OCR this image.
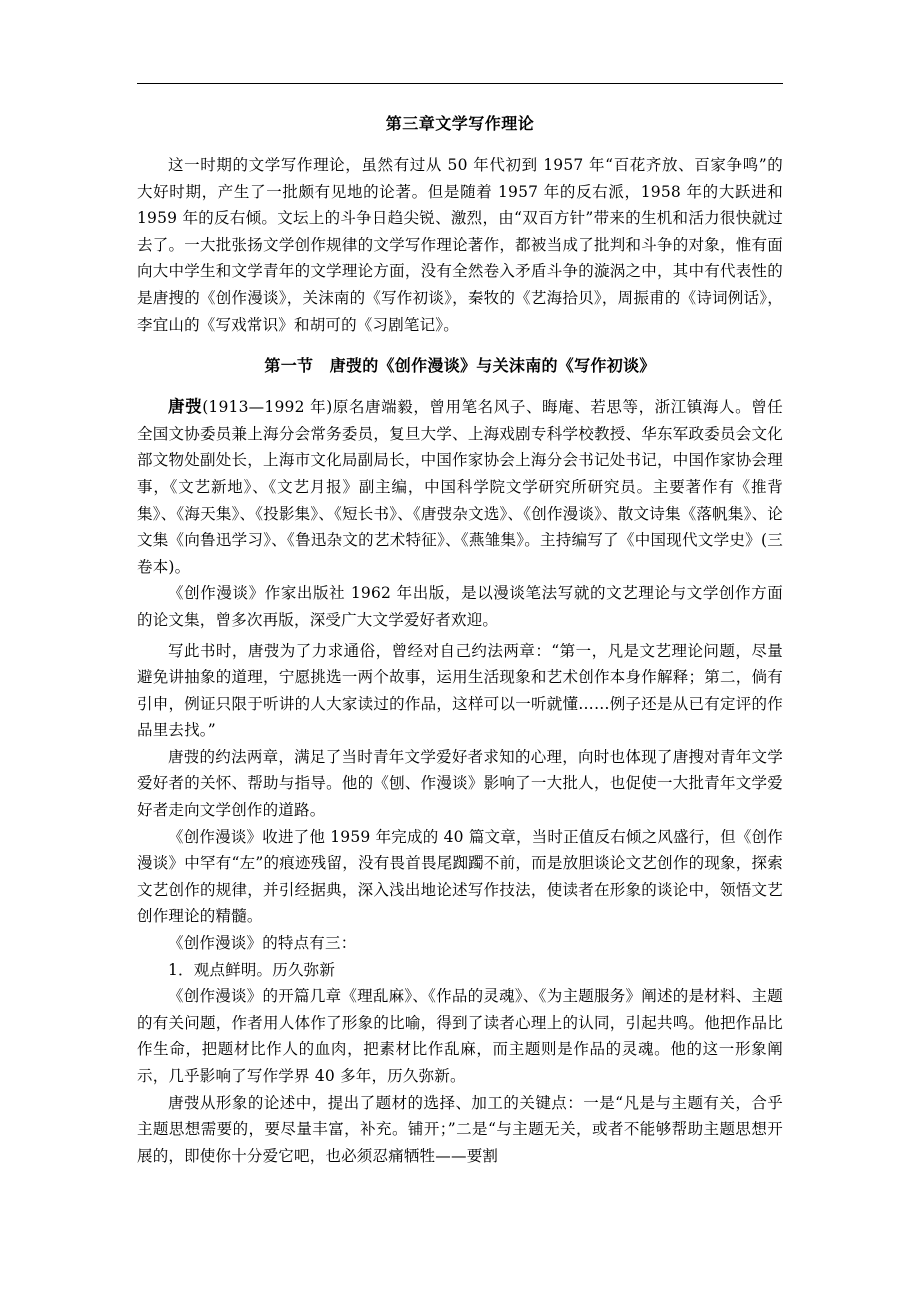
第三章文学写作理论

这一时期的文学写作理论，虽然有过从 50 年代初到 1957 年“百花齐放、百家争鸣”的大好时期，产生了一批颇有见地的论著。但是随着 1957 年的反右派，1958 年的大跃进和 1959 年的反右倾。文坛上的斗争日趋尖锐、激烈，由“双百方针”带来的生机和活力很快就过去了。一大批张扬文学创作规律的文学写作理论著作，都被当成了批判和斗争的对象，惟有面向大中学生和文学青年的文学理论方面，没有全然卷入矛盾斗争的漩涡之中，其中有代表性的是唐搜的《创作漫谈》，关沫南的《写作初谈》，秦牧的《艺海拾贝》，周振甫的《诗词例话》，李宜山的《写戏常识》和胡可的《习剧笔记》。

第一节　唐弢的《创作漫谈》与关沫南的《写作初谈》

唐弢(1913—1992 年)原名唐端毅，曾用笔名风子、晦庵、若思等，浙江镇海人。曾任全国文协委员兼上海分会常务委员，复旦大学、上海戏剧专科学校教授、华东军政委员会文化部文物处副处长，上海市文化局副局长，中国作家协会上海分会书记处书记，中国作家协会理事，《文艺新地》、《文艺月报》副主编，中国科学院文学研究所研究员。主要著作有《推背集》、《海天集》、《投影集》、《短长书》、《唐弢杂文选》、《创作漫谈》、散文诗集《落帆集》、论文集《向鲁迅学习》、《鲁迅杂文的艺术特征》、《燕雏集》。主持编写了《中国现代文学史》(三卷本)。

《创作漫谈》作家出版社 1962 年出版，是以漫谈笔法写就的文艺理论与文学创作方面的论文集，曾多次再版，深受广大文学爱好者欢迎。

写此书时，唐弢为了力求通俗，曾经对自己约法两章：“第一，凡是文艺理论问题，尽量避免讲抽象的道理，宁愿挑选一两个故事，运用生活现象和艺术创作本身作解释；第二，倘有引申，例证只限于听讲的人大家读过的作品，这样可以一听就懂……例子还是从已有定评的作品里去找。”

唐弢的约法两章，满足了当时青年文学爱好者求知的心理，向时也体现了唐搜对青年文学爱好者的关怀、帮助与指导。他的《刨、作漫谈》影响了一大批人，也促使一大批青年文学爱好者走向文学创作的道路。

《创作漫谈》收进了他 1959 年完成的 40 篇文章，当时正值反右倾之风盛行，但《创作漫谈》中罕有“左”的痕迹残留，没有畏首畏尾踟躅不前，而是放胆谈论文艺创作的现象，探索文艺创作的规律，并引经据典，深入浅出地论述写作技法，使读者在形象的谈论中，领悟文艺创作理论的精髓。

《创作漫谈》的特点有三：

1．观点鲜明。历久弥新

《创作漫谈》的开篇几章《理乱麻》、《作品的灵魂》、《为主题服务》阐述的是材料、主题的有关问题，作者用人体作了形象的比喻，得到了读者心理上的认同，引起共鸣。他把作品比作生命，把题材比作人的血肉，把素材比作乱麻，而主题则是作品的灵魂。他的这一形象阐示，几乎影响了写作学界 40 多年，历久弥新。

唐弢从形象的论述中，提出了题材的选择、加工的关键点：一是“凡是与主题有关，合乎主题思想需要的，要尽量丰富，补充。铺开；”二是“与主题无关，或者不能够帮助主题思想开展的，即使你十分爱它吧，也必须忍痛牺牲——要割
